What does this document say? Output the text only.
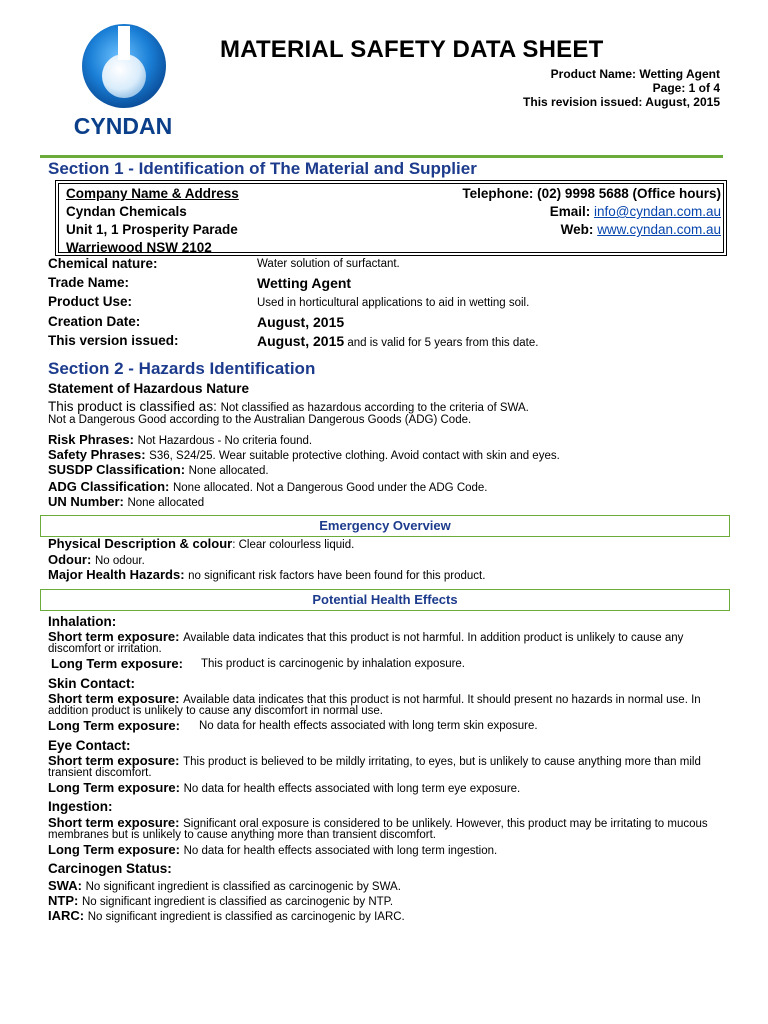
CYNDAN
MATERIAL SAFETY DATA SHEET
Product Name: Wetting Agent
Page: 1 of 4
This revision issued: August, 2015
Section 1 - Identification of The Material and Supplier
Company Name & Address
Cyndan Chemicals
Unit 1, 1 Prosperity Parade
Warriewood NSW 2102
Telephone: (02) 9998 5688 (Office hours)
Email: info@cyndan.com.au
Web: www.cyndan.com.au
Chemical nature:	Water solution of surfactant.
Trade Name:	Wetting Agent
Product Use:	Used in horticultural applications to aid in wetting soil.
Creation Date:	August, 2015
This version issued:	August, 2015 and is valid for 5 years from this date.
Section 2 - Hazards Identification
Statement of Hazardous Nature
This product is classified as: Not classified as hazardous according to the criteria of SWA.
Not a Dangerous Good according to the Australian Dangerous Goods (ADG) Code.
Risk Phrases: Not Hazardous - No criteria found.
Safety Phrases: S36, S24/25. Wear suitable protective clothing. Avoid contact with skin and eyes.
SUSDP Classification: None allocated.
ADG Classification: None allocated. Not a Dangerous Good under the ADG Code.
UN Number: None allocated
Emergency Overview
Physical Description & colour: Clear colourless liquid.
Odour: No odour.
Major Health Hazards: no significant risk factors have been found for this product.
Potential Health Effects
Inhalation:
Short term exposure: Available data indicates that this product is not harmful. In addition product is unlikely to cause any discomfort or irritation.
Long Term exposure: This product is carcinogenic by inhalation exposure.
Skin Contact:
Short term exposure: Available data indicates that this product is not harmful. It should present no hazards in normal use. In addition product is unlikely to cause any discomfort in normal use.
Long Term exposure: No data for health effects associated with long term skin exposure.
Eye Contact:
Short term exposure: This product is believed to be mildly irritating, to eyes, but is unlikely to cause anything more than mild transient discomfort.
Long Term exposure: No data for health effects associated with long term eye exposure.
Ingestion:
Short term exposure: Significant oral exposure is considered to be unlikely. However, this product may be irritating to mucous membranes but is unlikely to cause anything more than transient discomfort.
Long Term exposure: No data for health effects associated with long term ingestion.
Carcinogen Status:
SWA: No significant ingredient is classified as carcinogenic by SWA.
NTP: No significant ingredient is classified as carcinogenic by NTP.
IARC: No significant ingredient is classified as carcinogenic by IARC.
